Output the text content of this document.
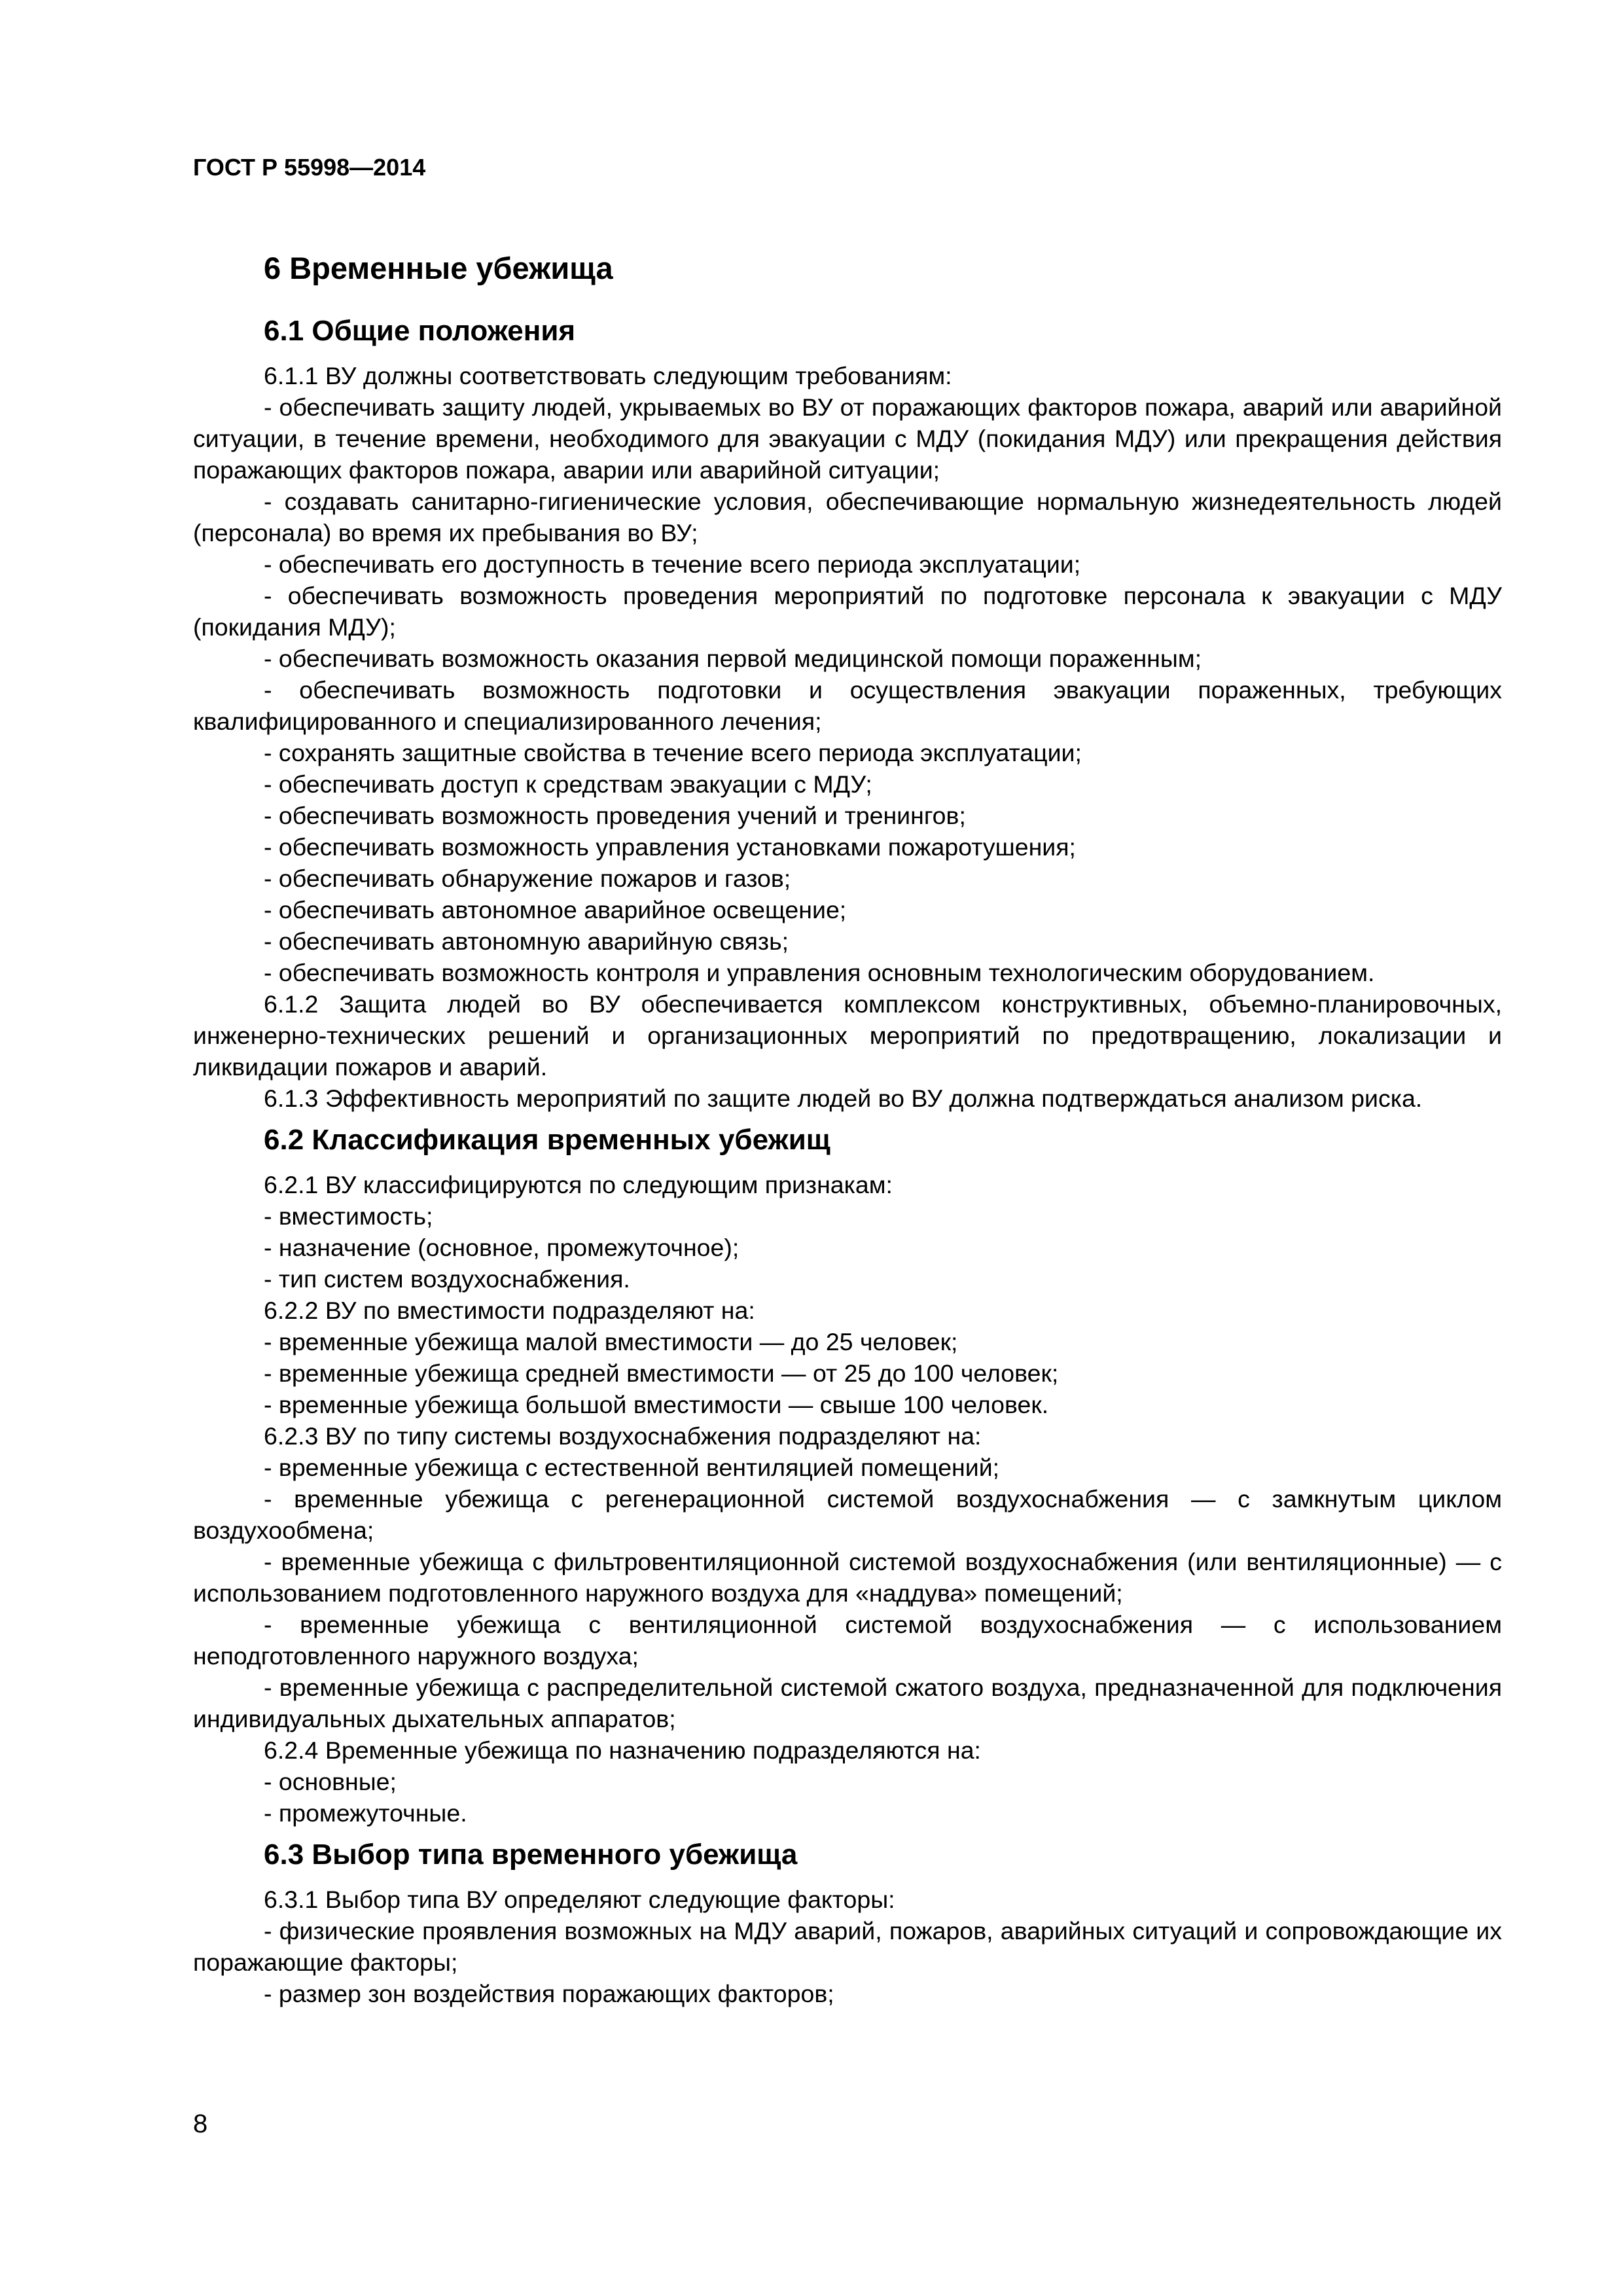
ГОСТ Р 55998—2014
6 Временные убежища
6.1 Общие положения

6.1.1 ВУ должны соответствовать следующим требованиям:

- обеспечивать защиту людей, укрываемых во ВУ от поражающих факторов пожара, аварий или аварийной ситуации, в течение времени, необходимого для эвакуации с МДУ (покидания МДУ) или прекращения действия поражающих факторов пожара, аварии или аварийной ситуации;

- создавать санитарно-гигиенические условия, обеспечивающие нормальную жизнедеятельность людей (персонала) во время их пребывания во ВУ;

- обеспечивать его доступность в течение всего периода эксплуатации;

- обеспечивать возможность проведения мероприятий по подготовке персонала к эвакуации с МДУ (покидания МДУ);

- обеспечивать возможность оказания первой медицинской помощи пораженным;

- обеспечивать возможность подготовки и осуществления эвакуации пораженных, требующих квалифицированного и специализированного лечения;

- сохранять защитные свойства в течение всего периода эксплуатации;

- обеспечивать доступ к средствам эвакуации с МДУ;

- обеспечивать возможность проведения учений и тренингов;

- обеспечивать возможность управления установками пожаротушения;

- обеспечивать обнаружение пожаров и газов;

- обеспечивать автономное аварийное освещение;

- обеспечивать автономную аварийную связь;

- обеспечивать возможность контроля и управления основным технологическим оборудованием.

6.1.2 Защита людей во ВУ обеспечивается комплексом конструктивных, объемно-планировочных, инженерно-технических решений и организационных мероприятий по предотвращению, локализации и ликвидации пожаров и аварий.

6.1.3 Эффективность мероприятий по защите людей во ВУ должна подтверждаться анализом риска.

6.2 Классификация временных убежищ

6.2.1 ВУ классифицируются по следующим признакам:

- вместимость;

- назначение (основное, промежуточное);

- тип систем воздухоснабжения.

6.2.2 ВУ по вместимости подразделяют на:

- временные убежища малой вместимости — до 25 человек;

- временные убежища средней вместимости — от 25 до 100 человек;

- временные убежища большой вместимости — свыше 100 человек.

6.2.3 ВУ по типу системы воздухоснабжения подразделяют на:

- временные убежища с естественной вентиляцией помещений;

- временные убежища с регенерационной системой воздухоснабжения — с замкнутым циклом воздухообмена;

- временные убежища с фильтровентиляционной системой воздухоснабжения (или вентиляционные) — с использованием подготовленного наружного воздуха для «наддува» помещений;

- временные убежища с вентиляционной системой воздухоснабжения — с использованием неподготовленного наружного воздуха;

- временные убежища с распределительной системой сжатого воздуха, предназначенной для подключения индивидуальных дыхательных аппаратов;

6.2.4 Временные убежища по назначению подразделяются на:

- основные;

- промежуточные.

6.3 Выбор типа временного убежища

6.3.1 Выбор типа ВУ определяют следующие факторы:

- физические проявления возможных на МДУ аварий, пожаров, аварийных ситуаций и сопровождающие их поражающие факторы;

- размер зон воздействия поражающих факторов;

8
